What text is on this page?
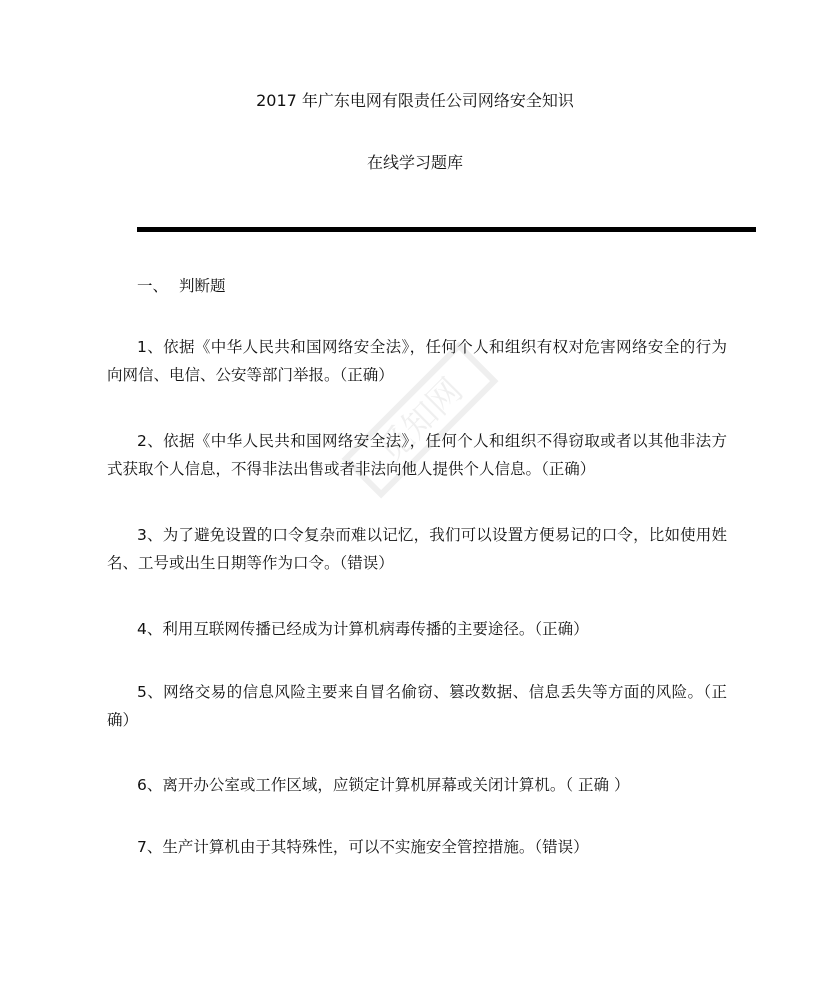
2017 年广东电网有限责任公司网络安全知识
在线学习题库
一、 判断题
1、依据《中华人民共和国网络安全法》，任何个人和组织有权对危害网络安全的行为向网信、电信、公安等部门举报。（正确）
2、依据《中华人民共和国网络安全法》，任何个人和组织不得窃取或者以其他非法方式获取个人信息，不得非法出售或者非法向他人提供个人信息。（正确）
3、为了避免设置的口令复杂而难以记忆，我们可以设置方便易记的口令，比如使用姓名、工号或出生日期等作为口令。（错误）
4、利用互联网传播已经成为计算机病毒传播的主要途径。（正确）
5、网络交易的信息风险主要来自冒名偷窃、篡改数据、信息丢失等方面的风险。（正确）
6、离开办公室或工作区域，应锁定计算机屏幕或关闭计算机。（ 正确 ）
7、生产计算机由于其特殊性，可以不实施安全管控措施。（错误）
觅知网
